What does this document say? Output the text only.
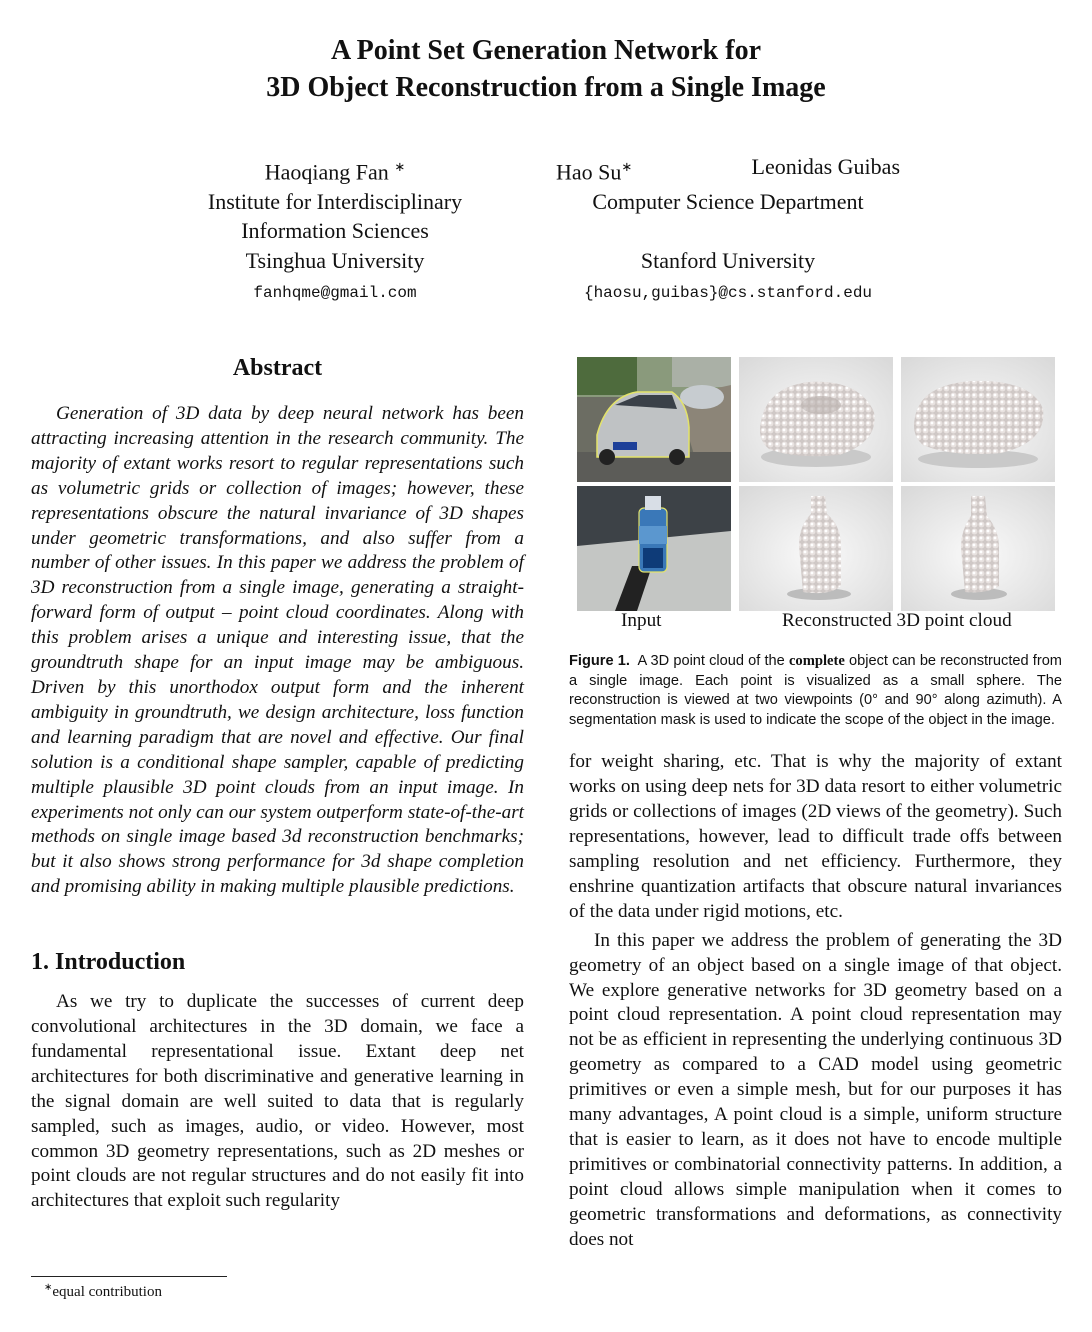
A Point Set Generation Network for
3D Object Reconstruction from a Single Image
Haoqiang Fan ∗
Institute for Interdisciplinary
Information Sciences
Tsinghua University
fanhqme@gmail.com
Hao Su∗	Leonidas Guibas
Computer Science Department
Stanford University
{haosu,guibas}@cs.stanford.edu
Abstract

Generation of 3D data by deep neural network has been attracting increasing attention in the research community. The majority of extant works resort to regular representations such as volumetric grids or collection of images; however, these representations obscure the natural invariance of 3D shapes under geometric transformations, and also suffer from a number of other issues. In this paper we address the problem of 3D reconstruction from a single image, generating a straight-forward form of output – point cloud coordinates. Along with this problem arises a unique and interesting issue, that the groundtruth shape for an input image may be ambiguous. Driven by this unorthodox output form and the inherent ambiguity in groundtruth, we design architecture, loss function and learning paradigm that are novel and effective. Our final solution is a conditional shape sampler, capable of predicting multiple plausible 3D point clouds from an input image. In experiments not only can our system outperform state-of-the-art methods on single image based 3d reconstruction benchmarks; but it also shows strong performance for 3d shape completion and promising ability in making multiple plausible predictions.

1. Introduction

As we try to duplicate the successes of current deep convolutional architectures in the 3D domain, we face a fundamental representational issue. Extant deep net architectures for both discriminative and generative learning in the signal domain are well suited to data that is regularly sampled, such as images, audio, or video. However, most common 3D geometry representations, such as 2D meshes or point clouds are not regular structures and do not easily fit into architectures that exploit such regularity

∗equal contribution
Input	Reconstructed 3D point cloud
Figure 1. A 3D point cloud of the complete object can be reconstructed from a single image. Each point is visualized as a small sphere. The reconstruction is viewed at two viewpoints (0° and 90° along azimuth). A segmentation mask is used to indicate the scope of the object in the image.

for weight sharing, etc. That is why the majority of extant works on using deep nets for 3D data resort to either volumetric grids or collections of images (2D views of the geometry). Such representations, however, lead to difficult trade offs between sampling resolution and net efficiency. Furthermore, they enshrine quantization artifacts that obscure natural invariances of the data under rigid motions, etc.

In this paper we address the problem of generating the 3D geometry of an object based on a single image of that object. We explore generative networks for 3D geometry based on a point cloud representation. A point cloud representation may not be as efficient in representing the underlying continuous 3D geometry as compared to a CAD model using geometric primitives or even a simple mesh, but for our purposes it has many advantages, A point cloud is a simple, uniform structure that is easier to learn, as it does not have to encode multiple primitives or combinatorial connectivity patterns. In addition, a point cloud allows simple manipulation when it comes to geometric transformations and deformations, as connectivity does not
